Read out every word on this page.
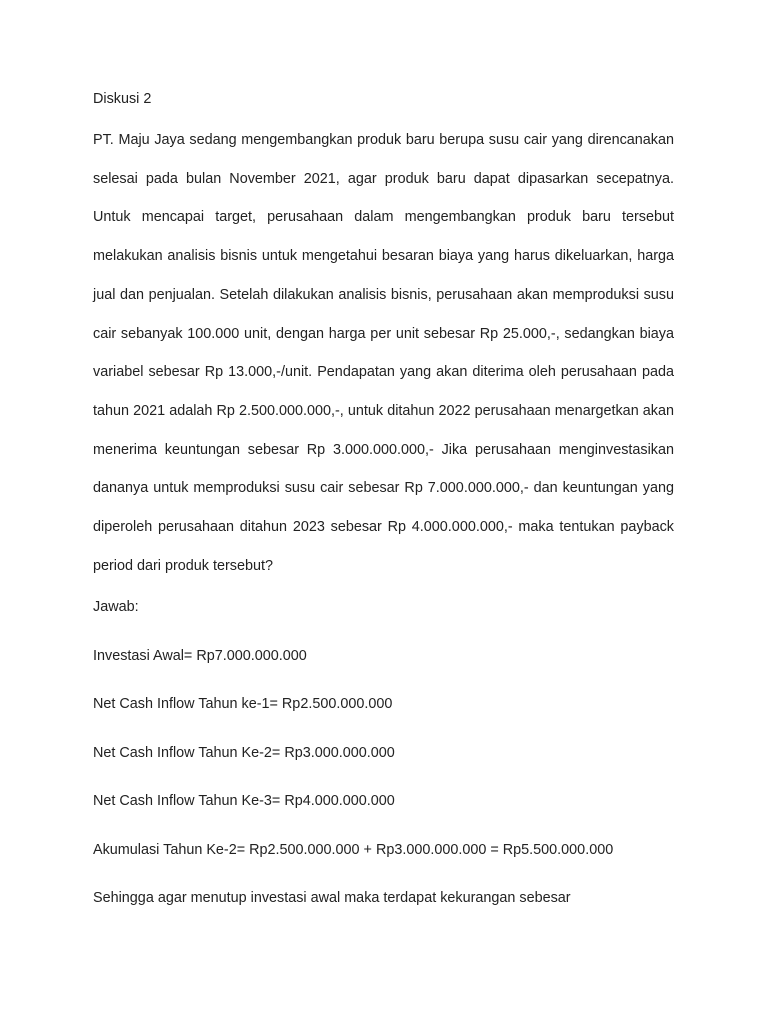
Diskusi 2

PT. Maju Jaya sedang mengembangkan produk baru berupa susu cair yang direncanakan selesai pada bulan November 2021, agar produk baru dapat dipasarkan secepatnya. Untuk mencapai target, perusahaan dalam mengembangkan produk baru tersebut melakukan analisis bisnis untuk mengetahui besaran biaya yang harus dikeluarkan, harga jual dan penjualan. Setelah dilakukan analisis bisnis, perusahaan akan memproduksi susu cair sebanyak 100.000 unit, dengan harga per unit sebesar Rp 25.000,-, sedangkan biaya variabel sebesar Rp 13.000,-/unit. Pendapatan yang akan diterima oleh perusahaan pada tahun 2021 adalah Rp 2.500.000.000,-, untuk ditahun 2022 perusahaan menargetkan akan menerima keuntungan sebesar Rp 3.000.000.000,- Jika perusahaan menginvestasikan dananya untuk memproduksi susu cair sebesar Rp 7.000.000.000,- dan keuntungan yang diperoleh perusahaan ditahun 2023 sebesar Rp 4.000.000.000,- maka tentukan payback period dari produk tersebut?

Jawab:

Investasi Awal= Rp7.000.000.000

Net Cash Inflow Tahun ke-1= Rp2.500.000.000

Net Cash Inflow Tahun Ke-2= Rp3.000.000.000

Net Cash Inflow Tahun Ke-3= Rp4.000.000.000

Akumulasi Tahun Ke-2= Rp2.500.000.000 + Rp3.000.000.000 = Rp5.500.000.000

Sehingga agar menutup investasi awal maka terdapat kekurangan sebesar
